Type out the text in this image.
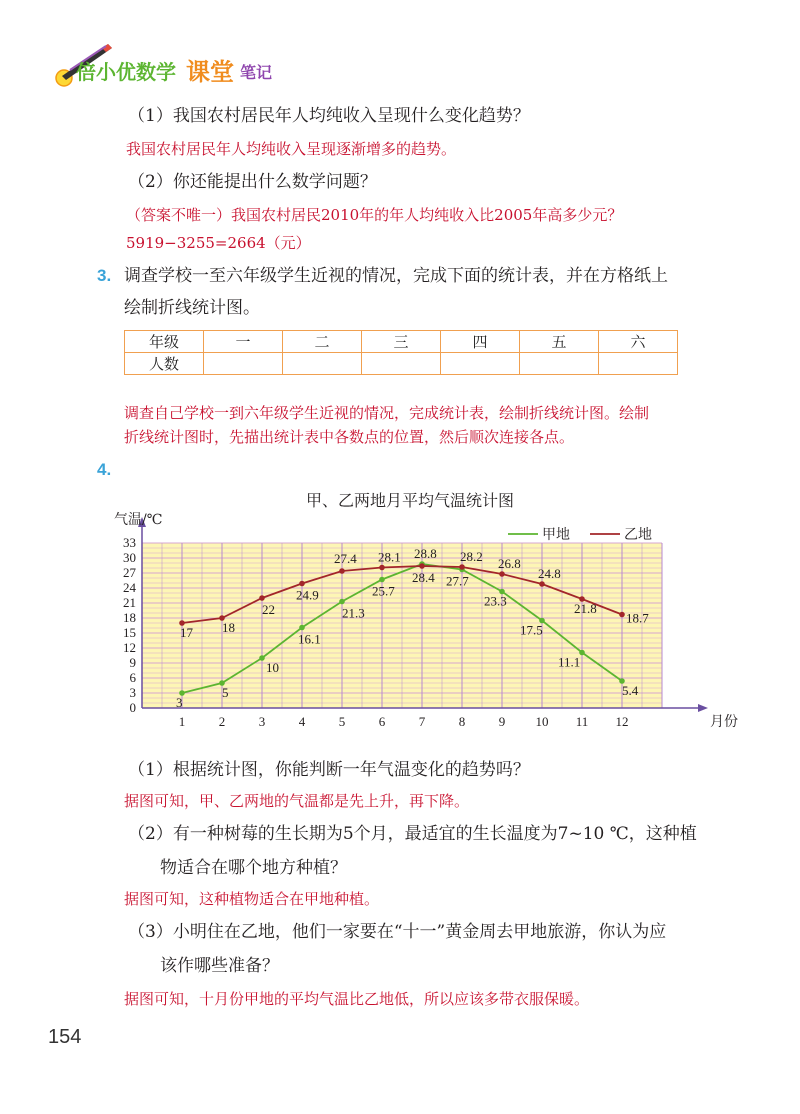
倍小优数学 课堂 笔记
（1）我国农村居民年人均纯收入呈现什么变化趋势？
我国农村居民年人均纯收入呈现逐渐增多的趋势。
（2）你还能提出什么数学问题？
（答案不唯一）我国农村居民2010年的年人均纯收入比2005年高多少元？
5919−3255=2664（元）
3. 调查学校一至六年级学生近视的情况，完成下面的统计表，并在方格纸上
绘制折线统计图。
年级	一	二	三	四	五	六
人数						
调查自己学校一到六年级学生近视的情况，完成统计表，绘制折线统计图。绘制
折线统计图时，先描出统计表中各数点的位置，然后顺次连接各点。
4.
甲、乙两地月平均气温统计图
气温/℃
月份
0
3
6
9
12
15
18
21
24
27
30
33
1	2	3	4	5	6	7	8	9 10 11 12
甲地	乙地
3
5
10
16.1
21.3
25.7
28.8
27.7
23.3
17.5
11.1
5.4
17 18
22
24.9
27.4 28.1
28.4
28.2 26.8
24.8
21.8
18.7
（1）根据统计图，你能判断一年气温变化的趋势吗？
据图可知，甲、乙两地的气温都是先上升，再下降。
（2）有一种树莓的生长期为5个月，最适宜的生长温度为7~10 ℃，这种植
物适合在哪个地方种植？
据图可知，这种植物适合在甲地种植。
（3）小明住在乙地，他们一家要在“十一”黄金周去甲地旅游，你认为应
该作哪些准备？
据图可知，十月份甲地的平均气温比乙地低，所以应该多带衣服保暖。
154
